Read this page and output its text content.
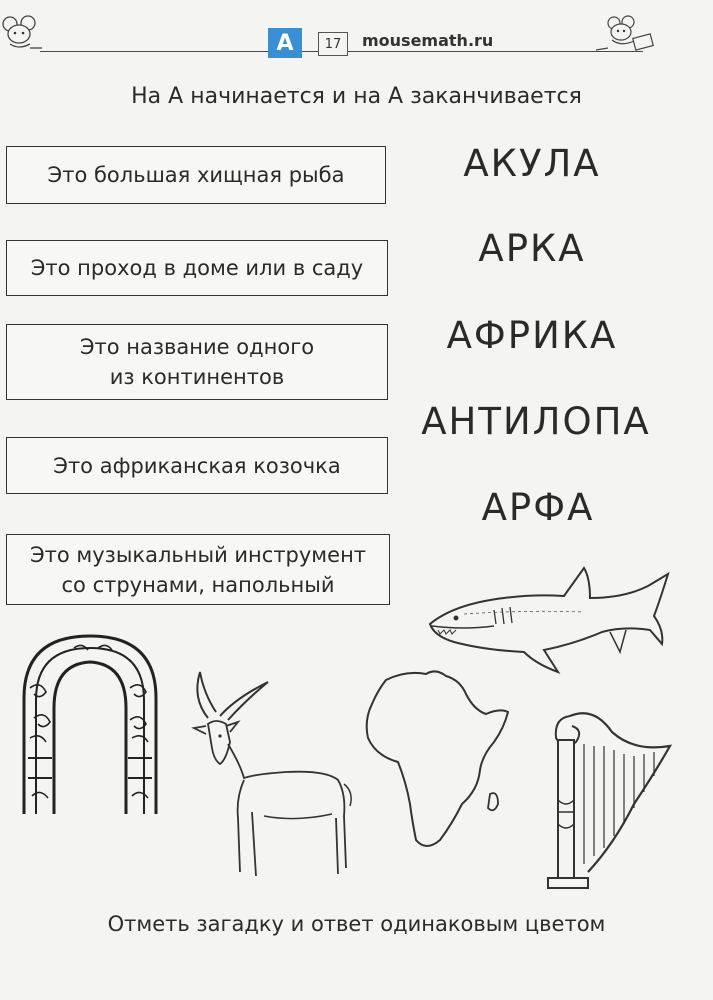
А	17	mousemath.ru
На А начинается и на А заканчивается
Это большая хищная рыба
Это проход в доме или в саду
Это название одного
из континентов
Это африканская козочка
Это музыкальный инструмент
со струнами, напольный
АКУЛА
АРКА
АФРИКА
АНТИЛОПА
АРФА
Отметь загадку и ответ одинаковым цветом
